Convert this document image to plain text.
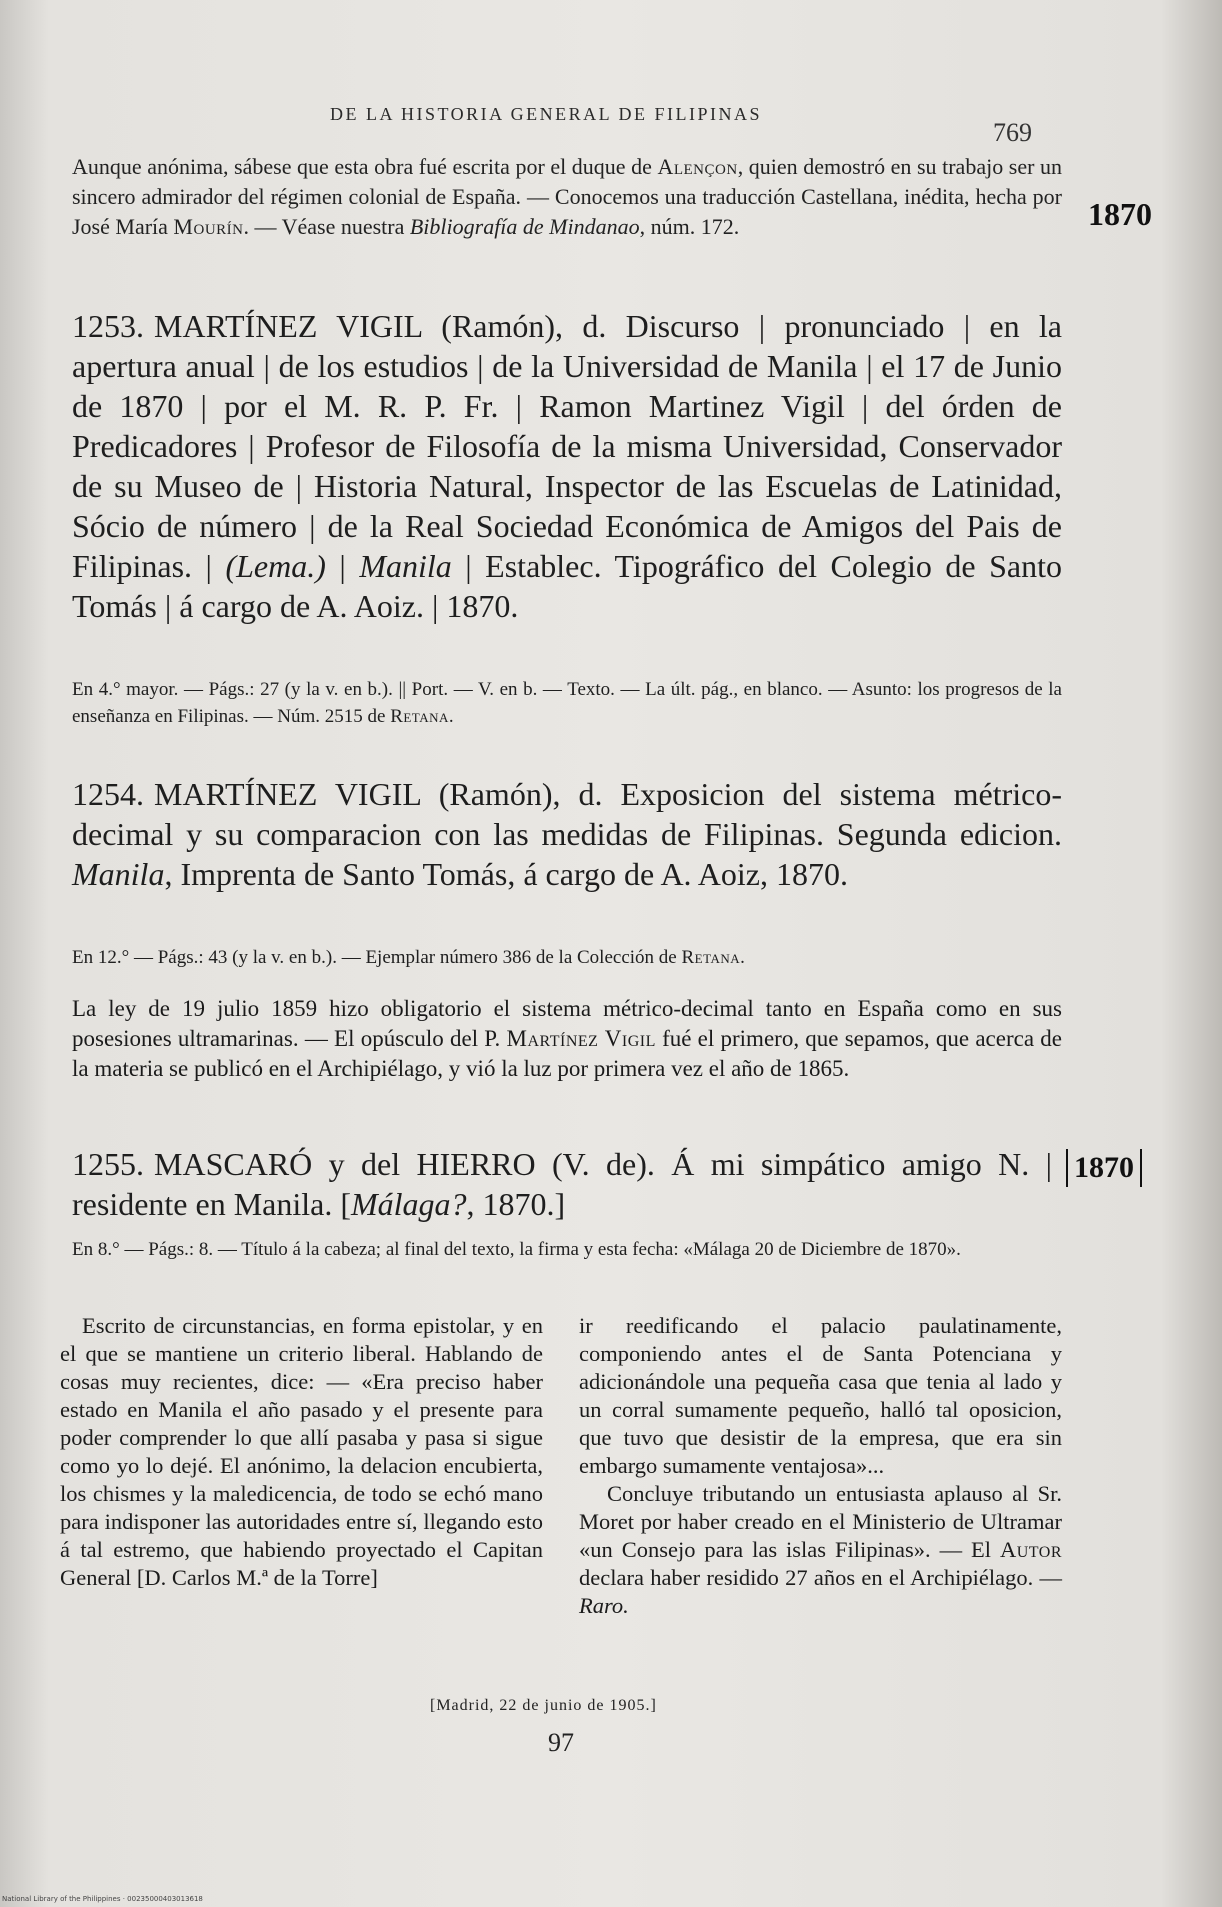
DE LA HISTORIA GENERAL DE FILIPINAS
769
1870
Aunque anónima, sábese que esta obra fué escrita por el duque de Alençon, quien demostró en su trabajo ser un sincero admirador del régimen colonial de España. — Conocemos una traducción Castellana, inédita, hecha por José María Mourín. — Véase nuestra Bibliografía de Mindanao, núm. 172.
1253. MARTÍNEZ VIGIL (Ramón), d. Discurso | pronunciado | en la apertura anual | de los estudios | de la Universidad de Manila | el 17 de Junio de 1870 | por el M. R. P. Fr. | Ramon Martinez Vigil | del órden de Predicadores | Profesor de Filosofía de la misma Universidad, Conservador de su Museo de | Historia Natural, Inspector de las Escuelas de Latinidad, Sócio de número | de la Real Sociedad Económica de Amigos del Pais de Filipinas. | (Lema.) | Manila | Establec. Tipográfico del Colegio de Santo Tomás | á cargo de A. Aoiz. | 1870.
En 4.° mayor. — Págs.: 27 (y la v. en b.). || Port. — V. en b. — Texto. — La últ. pág., en blanco. — Asunto: los progresos de la enseñanza en Filipinas. — Núm. 2515 de Retana.
1254. MARTÍNEZ VIGIL (Ramón), d. Exposicion del sistema métrico-decimal y su comparacion con las medidas de Filipinas. Segunda edicion. Manila, Imprenta de Santo Tomás, á cargo de A. Aoiz, 1870.
En 12.° — Págs.: 43 (y la v. en b.). — Ejemplar número 386 de la Colección de Retana.
La ley de 19 julio 1859 hizo obligatorio el sistema métrico-decimal tanto en España como en sus posesiones ultramarinas. — El opúsculo del P. Martínez Vigil fué el primero, que sepamos, que acerca de la materia se publicó en el Archipiélago, y vió la luz por primera vez el año de 1865.
1870
1255. MASCARÓ y del HIERRO (V. de). Á mi simpático amigo N. | residente en Manila. [Málaga?, 1870.]
En 8.° — Págs.: 8. — Título á la cabeza; al final del texto, la firma y esta fecha: «Málaga 20 de Diciembre de 1870».

Escrito de circunstancias, en forma epistolar, y en el que se mantiene un criterio liberal. Hablando de cosas muy recientes, dice: — «Era preciso haber estado en Manila el año pasado y el presente para poder comprender lo que allí pasaba y pasa si sigue como yo lo dejé. El anónimo, la delacion encubierta, los chismes y la maledicencia, de todo se echó mano para indisponer las autoridades entre sí, llegando esto á tal estremo, que habiendo proyectado el Capitan General [D. Carlos M.ª de la Torre]

ir reedificando el palacio paulatinamente, componiendo antes el de Santa Potenciana y adicionándole una pequeña casa que tenia al lado y un corral sumamente pequeño, halló tal oposicion, que tuvo que desistir de la empresa, que era sin embargo sumamente ventajosa»...

Concluye tributando un entusiasta aplauso al Sr. Moret por haber creado en el Ministerio de Ultramar «un Consejo para las islas Filipinas». — El Autor declara haber residido 27 años en el Archipiélago. — Raro.

[Madrid, 22 de junio de 1905.]
97
National Library of the Philippines · 00235000403013618
